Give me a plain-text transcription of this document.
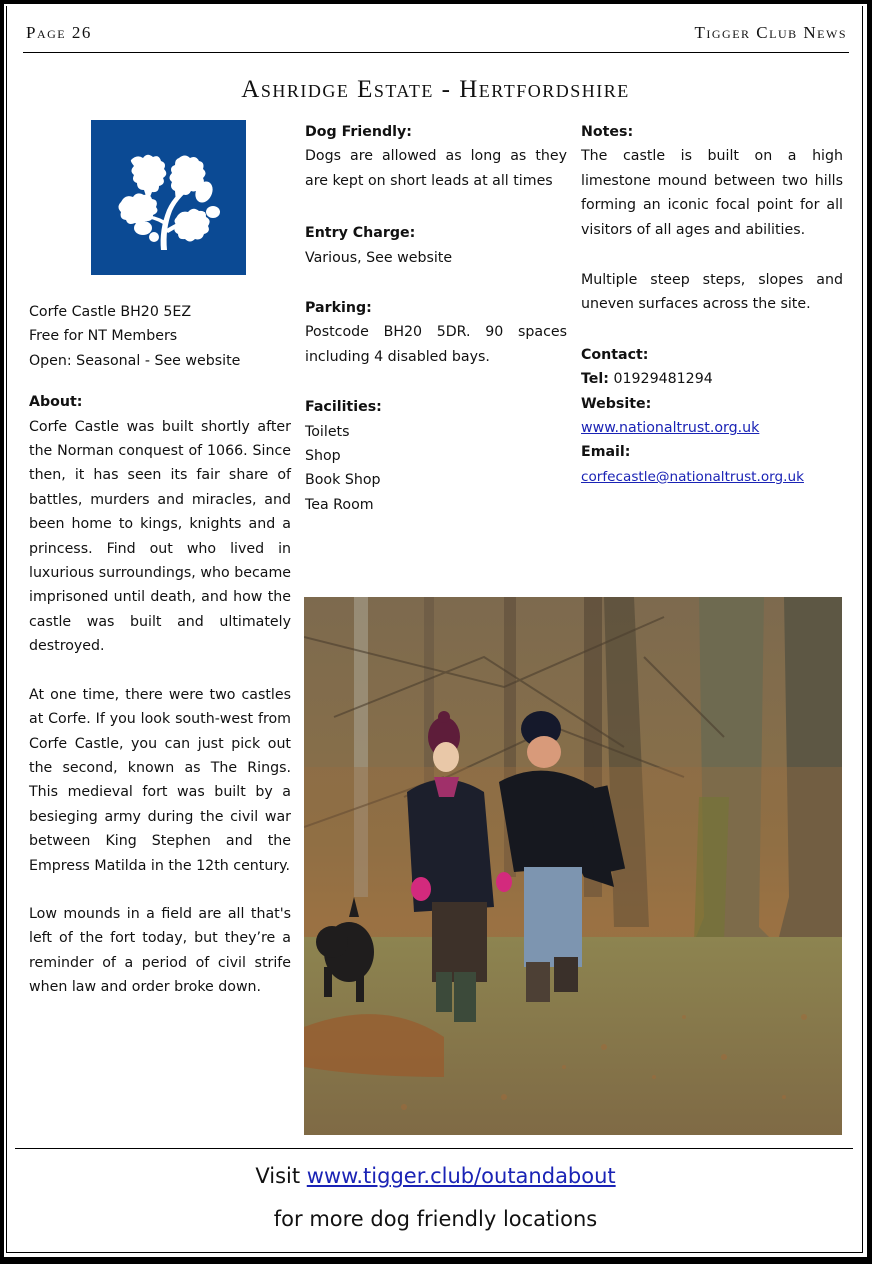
Page 26	Tigger Club News
Ashridge Estate - Hertfordshire

Corfe Castle BH20 5EZ

Free for NT Members

Open: Seasonal - See website

About:

Corfe Castle was built shortly after the Norman conquest of 1066. Since then, it has seen its fair share of battles, murders and miracles, and been home to kings, knights and a princess. Find out who lived in luxurious surroundings, who became imprisoned until death, and how the castle was built and ultimately destroyed.

At one time, there were two castles at Corfe. If you look south-west from Corfe Castle, you can just pick out the second, known as The Rings. This medieval fort was built by a besieging army during the civil war between King Stephen and the Empress Matilda in the 12th century.

Low mounds in a field are all that's left of the fort today, but they’re a reminder of a period of civil strife when law and order broke down.

Dog Friendly:

Dogs are allowed as long as they are kept on short leads at all times

Entry Charge:

Various, See website

Parking:

Postcode BH20 5DR. 90 spaces including 4 disabled bays.

Facilities:

Toilets

Shop

Book Shop

Tea Room

Notes:

The castle is built on a high limestone mound between two hills forming an iconic focal point for all visitors of all ages and abilities.

Multiple steep steps, slopes and uneven surfaces across the site.

Contact:

Tel: 01929481294

Website:

www.nationaltrust.org.uk

Email:

corfecastle@nationaltrust.org.uk

Visit www.tigger.club/outandabout
for more dog friendly locations
